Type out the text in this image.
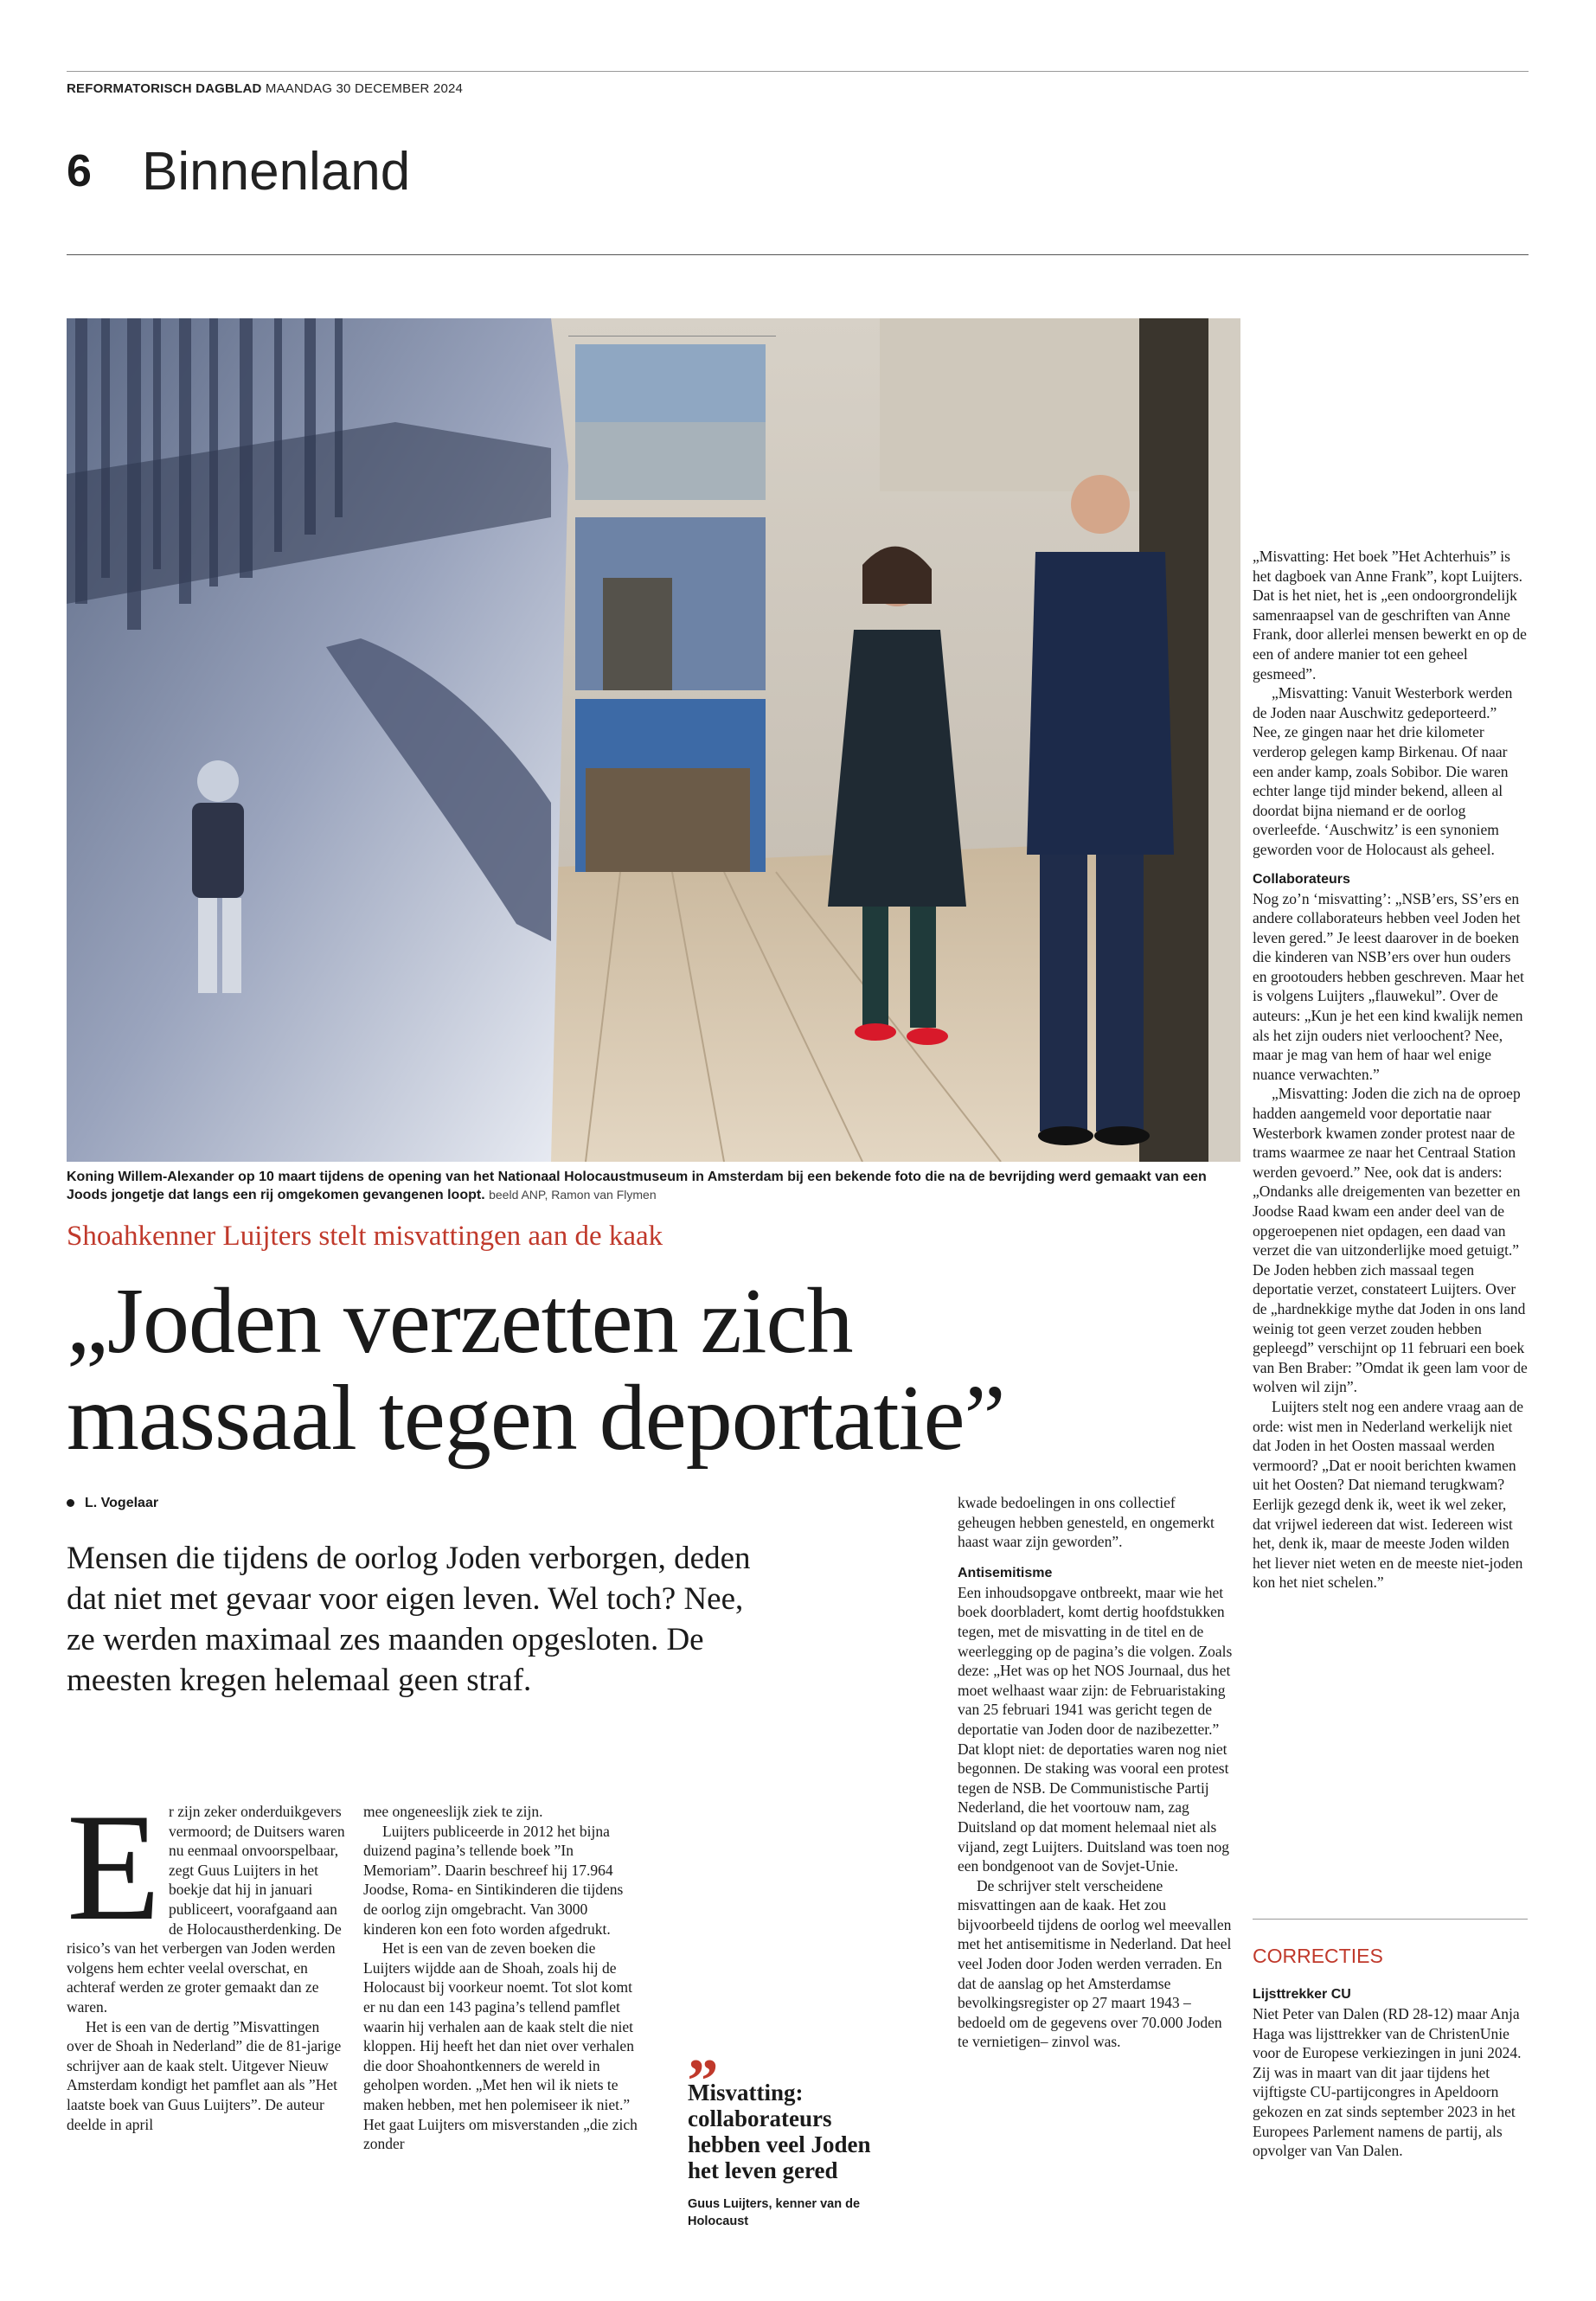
REFORMATORISCH DAGBLAD MAANDAG 30 DECEMBER 2024
6 Binnenland
Koning Willem-Alexander op 10 maart tijdens de opening van het Nationaal Holocaustmuseum in Amsterdam bij een bekende foto die na de bevrijding werd gemaakt van een Joods jongetje dat langs een rij omgekomen gevangenen loopt. beeld ANP, Ramon van Flymen
Shoahkenner Luijters stelt misvattingen aan de kaak
„Joden verzetten zich
massaal tegen deportatie”
L. Vogelaar
Mensen die tijdens de oorlog Joden verborgen, deden dat niet met gevaar voor eigen leven. Wel toch? Nee, ze werden maximaal zes maanden opgesloten. De meesten kregen helemaal geen straf.
E r zijn zeker onderduikgevers vermoord; de Duitsers waren nu eenmaal onvoorspelbaar, zegt Guus Luijters in het boekje dat hij in januari publiceert, voorafgaand aan de Holocaustherdenking. De risico’s van het verbergen van Joden werden volgens hem echter veelal overschat, en achteraf werden ze groter gemaakt dan ze waren.

Het is een van de dertig ”Misvattingen over de Shoah in Nederland” die de 81-jarige schrijver aan de kaak stelt. Uitgever Nieuw Amsterdam kondigt het pamflet aan als ”Het laatste boek van Guus Luijters”. De auteur deelde in april

mee ongeneeslijk ziek te zijn.

Luijters publiceerde in 2012 het bijna duizend pagina’s tellende boek ”In Memoriam”. Daarin beschreef hij 17.964 Joodse, Roma- en Sintikinderen die tijdens de oorlog zijn omgebracht. Van 3000 kinderen kon een foto worden afgedrukt.

Het is een van de zeven boeken die Luijters wijdde aan de Shoah, zoals hij de Holocaust bij voorkeur noemt. Tot slot komt er nu dan een 143 pagina’s tellend pamflet waarin hij verhalen aan de kaak stelt die niet kloppen. Hij heeft het dan niet over verhalen die door Shoahontkenners de wereld in geholpen worden. „Met hen wil ik niets te maken hebben, met hen polemiseer ik niet.” Het gaat Luijters om misverstanden „die zich zonder

„
Misvatting: collaborateurs hebben veel Joden het leven gered
Guus Luijters, kenner van de Holocaust

kwade bedoelingen in ons collectief geheugen hebben genesteld, en ongemerkt haast waar zijn geworden”.

Antisemitisme

Een inhoudsopgave ontbreekt, maar wie het boek doorbladert, komt dertig hoofdstukken tegen, met de misvatting in de titel en de weerlegging op de pagina’s die volgen. Zoals deze: „Het was op het NOS Journaal, dus het moet welhaast waar zijn: de Februaristaking van 25 februari 1941 was gericht tegen de deportatie van Joden door de nazibezetter.” Dat klopt niet: de deportaties waren nog niet begonnen. De staking was vooral een protest tegen de NSB. De Communistische Partij Nederland, die het voortouw nam, zag Duitsland op dat moment helemaal niet als vijand, zegt Luijters. Duitsland was toen nog een bondgenoot van de Sovjet-Unie.

De schrijver stelt verscheidene misvattingen aan de kaak. Het zou bijvoorbeeld tijdens de oorlog wel meevallen met het antisemitisme in Nederland. Dat heel veel Joden door Joden werden verraden. En dat de aanslag op het Amsterdamse bevolkingsregister op 27 maart 1943 –bedoeld om de gegevens over 70.000 Joden te vernietigen– zinvol was.

„Misvatting: Het boek ”Het Achterhuis” is het dagboek van Anne Frank”, kopt Luijters. Dat is het niet, het is „een ondoorgrondelijk samenraapsel van de geschriften van Anne Frank, door allerlei mensen bewerkt en op de een of andere manier tot een geheel gesmeed”.

„Misvatting: Vanuit Westerbork werden de Joden naar Auschwitz gedeporteerd.” Nee, ze gingen naar het drie kilometer verderop gelegen kamp Birkenau. Of naar een ander kamp, zoals Sobibor. Die waren echter lange tijd minder bekend, alleen al doordat bijna niemand er de oorlog overleefde. ‘Auschwitz’ is een synoniem geworden voor de Holocaust als geheel.

Collaborateurs

Nog zo’n ‘misvatting’: „NSB’ers, SS’ers en andere collaborateurs hebben veel Joden het leven gered.” Je leest daarover in de boeken die kinderen van NSB’ers over hun ouders en grootouders hebben geschreven. Maar het is volgens Luijters „flauwekul”. Over de auteurs: „Kun je het een kind kwalijk nemen als het zijn ouders niet verloochent? Nee, maar je mag van hem of haar wel enige nuance verwachten.”

„Misvatting: Joden die zich na de oproep hadden aangemeld voor deportatie naar Westerbork kwamen zonder protest naar de trams waarmee ze naar het Centraal Station werden gevoerd.” Nee, ook dat is anders: „Ondanks alle dreigementen van bezetter en Joodse Raad kwam een ander deel van de opgeroepenen niet opdagen, een daad van verzet die van uitzonderlijke moed getuigt.” De Joden hebben zich massaal tegen deportatie verzet, constateert Luijters. Over de „hardnekkige mythe dat Joden in ons land weinig tot geen verzet zouden hebben gepleegd” verschijnt op 11 februari een boek van Ben Braber: ”Omdat ik geen lam voor de wolven wil zijn”.

Luijters stelt nog een andere vraag aan de orde: wist men in Nederland werkelijk niet dat Joden in het Oosten massaal werden vermoord? „Dat er nooit berichten kwamen uit het Oosten? Dat niemand terugkwam? Eerlijk gezegd denk ik, weet ik wel zeker, dat vrijwel iedereen dat wist. Iedereen wist het, denk ik, maar de meeste Joden wilden het liever niet weten en de meeste niet-joden kon het niet schelen.”

CORRECTIES
Lijsttrekker CU

Niet Peter van Dalen (RD 28-12) maar Anja Haga was lijsttrekker van de ChristenUnie voor de Europese verkiezingen in juni 2024. Zij was in maart van dit jaar tijdens het vijftigste CU-partijcongres in Apeldoorn gekozen en zat sinds september 2023 in het Europees Parlement namens de partij, als opvolger van Van Dalen.
